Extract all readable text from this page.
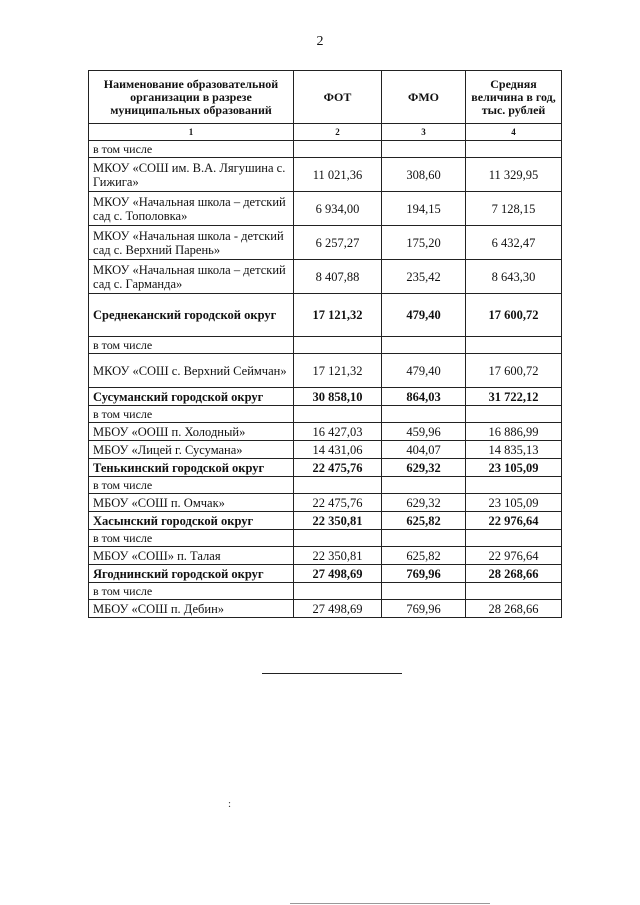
2
Наименование образовательной организации в разрезе муниципальных образований	ФОТ	ФМО	Средняя величина в год, тыс. рублей
1	2	3	4
в том числе			
МКОУ «СОШ им. В.А. Лягушина с. Гижига»	11 021,36	308,60	11 329,95
МКОУ «Начальная школа – детский сад с. Тополовка»	6 934,00	194,15	7 128,15
МКОУ «Начальная школа - детский сад с. Верхний Парень»	6 257,27	175,20	6 432,47
МКОУ «Начальная школа – детский сад с. Гарманда»	8 407,88	235,42	8 643,30
Среднеканский городской округ	17 121,32	479,40	17 600,72
в том числе			
МКОУ «СОШ с. Верхний Сеймчан»	17 121,32	479,40	17 600,72
Сусуманский городской округ	30 858,10	864,03	31 722,12
в том числе			
МБОУ «ООШ п. Холодный»	16 427,03	459,96	16 886,99
МБОУ «Лицей г. Сусумана»	14 431,06	404,07	14 835,13
Тенькинский городской округ	22 475,76	629,32	23 105,09
в том числе			
МБОУ «СОШ п. Омчак»	22 475,76	629,32	23 105,09
Хасынский городской округ	22 350,81	625,82	22 976,64
в том числе			
МБОУ «СОШ» п. Талая	22 350,81	625,82	22 976,64
Ягоднинский городской округ	27 498,69	769,96	28 268,66
в том числе			
МБОУ «СОШ п. Дебин»	27 498,69	769,96	28 268,66
:
